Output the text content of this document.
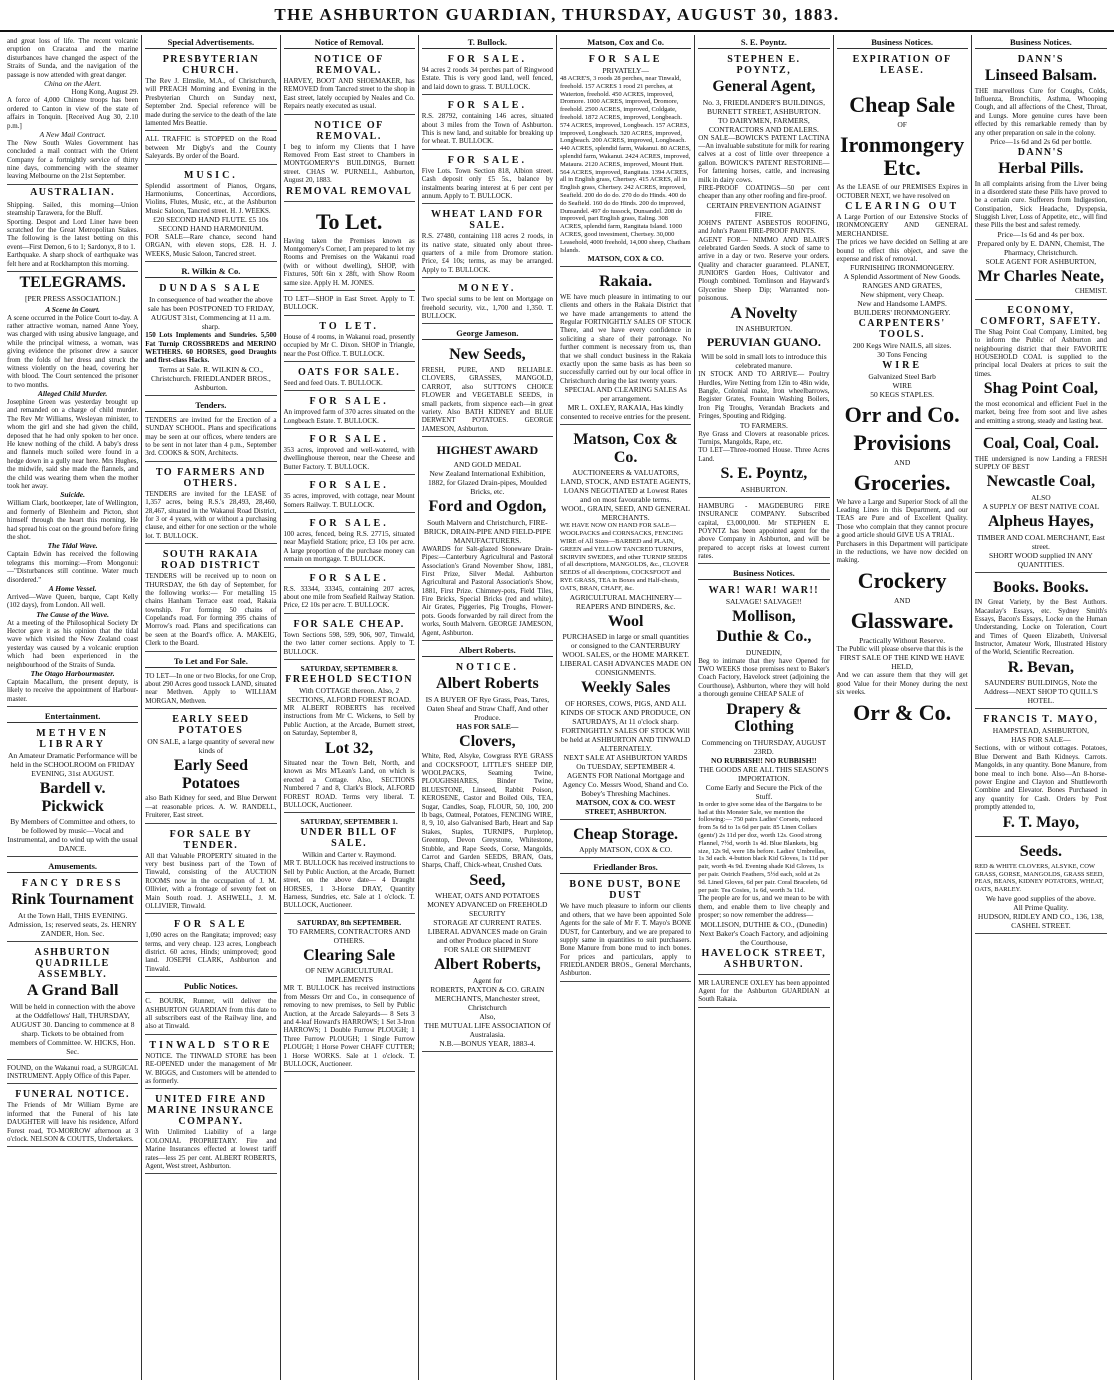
THE ASHBURTON GUARDIAN, THURSDAY, AUGUST 30, 1883.
and great loss of life. The recent volcanic eruption on Cracatoa and the marine disturbances have changed the aspect of the Straits of Sunda, and the navigation of the passage is now attended with great danger.
China on the Alert.
Hong Kong, August 29.
A force of 4,000 Chinese troops has been ordered to Canton in view of the state of affairs in Tonquin. [Received Aug 30, 2.10 p.m.]
A New Mail Contract.
The New South Wales Government has concluded a mail contract with the Orient Company for a fortnightly service of thirty nine days, commencing with the steamer leaving Melbourne on the 21st September.
AUSTRALIAN.
Shipping. Sailed, this morning—Union steamship Tarawera, for the Bluff.
Sporting. Despot and Lord Liner have been scratched for the Great Metropolitan Stakes. The following is the latest betting on this event—First Demon, 6 to 1; Sardonyx, 8 to 1.
Earthquake. A sharp shock of earthquake was felt here and at Rockhampton this morning.
TELEGRAMS.
[PER PRESS ASSOCIATION.]
A Scene in Court.
A scene occurred in the Police Court to-day. A rather attractive woman, named Anne Yoey, was charged with using abusive language, and while the principal witness, a woman, was giving evidence the prisoner drew a saucer from the folds of her dress and struck the witness violently on the head, covering her with blood. The Court sentenced the prisoner to two months.
Alleged Child Murder.
Josephine Green was yesterday brought up and remanded on a charge of child murder. The Rev Mr Williams, Wesleyan minister, to whom the girl and she had given the child, deposed that he had only spoken to her once. He knew nothing of the child. A baby's dress and flannels much soiled were found in a hedge down in a gully near here. Mrs Hughes, the midwife, said she made the flannels, and the child was wearing them when the mother took her away.
Suicide.
William Clark, bootkeeper, late of Wellington, and formerly of Blenheim and Picton, shot himself through the heart this morning. He had spread his coat on the ground before firing the shot.
The Tidal Wave.
Captain Edwin has received the following telegrams this morning:—From Mongonui:—"Disturbances still continue. Water much disordered."
A Home Vessel.
Arrived—Wave Queen, barque, Capt Kelly (102 days), from London. All well.
The Cause of the Wave.
At a meeting of the Philosophical Society Dr Hector gave it as his opinion that the tidal wave which visited the New Zealand coast yesterday was caused by a volcanic eruption which had been experienced in the neighbourhood of the Straits of Sunda.
The Otago Harbourmaster.
Captain Macallum, the present deputy, is likely to receive the appointment of Harbour-master.
Entertainment.
METHVEN LIBRARY
An Amateur Dramatic Performance will be held in the SCHOOLROOM on FRIDAY EVENING, 31st AUGUST.
Bardell v. Pickwick
By Members of Committee and others, to be followed by music—Vocal and Instrumental, and to wind up with the usual DANCE.
Amusements.
FANCY DRESS
Rink Tournament
At the Town Hall, THIS EVENING. Admission, 1s; reserved seats, 2s. HENRY ZANDER, Hon. Sec.
ASHBURTON QUADRILLE ASSEMBLY.
A Grand Ball
Will be held in connection with the above at the Oddfellows' Hall, THURSDAY, AUGUST 30. Dancing to commence at 8 sharp. Tickets to be obtained from members of Committee. W. HICKS, Hon. Sec.
FOUND, on the Wakanui road, a SURGICAL INSTRUMENT. Apply Office of this Paper.
FUNERAL NOTICE.
The Friends of Mr William Byrne are informed that the Funeral of his late DAUGHTER will leave his residence, Alford Forest road, TO-MORROW afternoon at 3 o'clock. NELSON & COUTTS, Undertakers.
Special Advertisements.
PRESBYTERIAN CHURCH.
The Rev J. Elmslie, M.A., of Christchurch, will PREACH Morning and Evening in the Presbyterian Church on Sunday next, September 2nd. Special reference will be made during the service to the death of the late lamented Mrs Beattie.
ALL TRAFFIC is STOPPED on the Road between Mr Digby's and the County Saleyards. By order of the Board.
MUSIC.
Splendid assortment of Pianos, Organs, Harmoniums, Concertinas, Accordions, Violins, Flutes, Music, etc., at the Ashburton Music Saloon, Tancred street. H. J. WEEKS.
£20 SECOND HAND FLUTE. £5 10s SECOND HAND HARMONIUM.
FOR SALE—Rare chance, second hand ORGAN, with eleven stops, £28. H. J. WEEKS, Music Saloon, Tancred street.
R. Wilkin & Co.
DUNDAS SALE
In consequence of bad weather the above sale has been POSTPONED TO FRIDAY, AUGUST 31st, Commencing at 11 a.m. sharp.
150 Lots Implements and Sundries. 5,500 Fat Turnip CROSSBREDS and MERINO WETHERS. 60 HORSES, good Draughts and first-class Hacks.
Terms at Sale. R. WILKIN & CO., Christchurch. FRIEDLANDER BROS., Ashburton.
Tenders.
TENDERS are invited for the Erection of a SUNDAY SCHOOL. Plans and specifications may be seen at our offices, where tenders are to be sent in not later than 4 p.m., September 3rd. COOKS & SON, Architects.
TO FARMERS AND OTHERS.
TENDERS are invited for the LEASE of 1,357 acres, being R.S.'s 28,493, 28,460, 28,467, situated in the Wakanui Road District, for 3 or 4 years, with or without a purchasing clause, and either for one section or the whole lot. T. BULLOCK.
SOUTH RAKAIA ROAD DISTRICT
TENDERS will be received up to noon on THURSDAY, the 6th day of September, for the following works:— For metalling 15 chains Hanham Terrace east road, Rakaia township. For forming 50 chains of Copeland's road. For forming 395 chains of Morrow's road. Plans and specifications can be seen at the Board's office. A. MAKEIG, Clerk to the Board.
To Let and For Sale.
TO LET—In one or two Blocks, for one Crop, about 290 Acres good tussock LAND, situated near Methven. Apply to WILLIAM MORGAN, Methven.
EARLY SEED POTATOES
ON SALE, a large quantity of several new kinds of
Early Seed Potatoes
also Bath Kidney for seed, and Blue Derwent—at reasonable prices. A. W. RANDELL, Fruiterer, East street.
FOR SALE BY TENDER.
All that Valuable PROPERTY situated in the very best business part of the Town of Tinwald, consisting of the AUCTION ROOMS now in the occupation of J. M. Ollivier, with a frontage of seventy feet on Main South road. J. ASHWELL, J. M. OLLIVIER, Tinwald.
FOR SALE
1,090 acres on the Rangitata; improved; easy terms, and very cheap. 123 acres, Longbeach district. 60 acres, Hinds; unimproved; good land. JOSEPH CLARK, Ashburton and Tinwald.
Public Notices.
C. BOURK, Runner, will deliver the ASHBURTON GUARDIAN from this date to all subscribers east of the Railway line, and also at Tinwald.
TINWALD STORE
NOTICE. The TINWALD STORE has been RE-OPENED under the management of Mr W. BIGGS, and Customers will be attended to as formerly.
UNITED FIRE AND MARINE INSURANCE COMPANY.
With Unlimited Liability of a large COLONIAL PROPRIETARY. Fire and Marine Insurances effected at lowest tariff rates—less 25 per cent. ALBERT ROBERTS, Agent, West street, Ashburton.
Notice of Removal.
NOTICE OF REMOVAL.
HARVEY, BOOT AND SHOEMAKER, has REMOVED from Tancred street to the shop in East street, lately occupied by Neales and Co. Repairs neatly executed as usual.
NOTICE OF REMOVAL.
I beg to inform my Clients that I have Removed From East street to Chambers in MONTGOMERY'S BUILDINGS, Burnett street. CHAS W. PURNELL, Ashburton, August 20, 1883.
REMOVAL REMOVAL
To Let.
Having taken the Premises known as Montgomery's Corner, I am prepared to let my Rooms and Premises on the Wakanui road (with or without dwelling), SHOP, with Fixtures, 50ft 6in x 28ft, with Show Room same size. Apply H. M. JONES.
TO LET—SHOP in East Street. Apply to T. BULLOCK.
TO LET.
House of 4 rooms, in Wakanui road, presently occupied by Mr C. Dixon. SHOP in Triangle, near the Post Office. T. BULLOCK.
OATS FOR SALE.
Seed and feed Oats. T. BULLOCK.
FOR SALE.
An improved farm of 370 acres situated on the Longbeach Estate. T. BULLOCK.
FOR SALE.
353 acres, improved and well-watered, with dwellinghouse thereon, near the Cheese and Butter Factory. T. BULLOCK.
FOR SALE.
35 acres, improved, with cottage, near Mount Somers Railway. T. BULLOCK.
FOR SALE.
100 acres, fenced, being R.S. 27715, situated near Mayfield Station; price, £3 10s per acre. A large proportion of the purchase money can remain on mortgage. T. BULLOCK.
FOR SALE.
R.S. 33344, 33345, containing 207 acres, about one mile from Seafield Railway Station. Price, £2 10s per acre. T. BULLOCK.
FOR SALE CHEAP.
Town Sections 598, 599, 906, 907, Tinwald, the two latter corner sections. Apply to T. BULLOCK.
SATURDAY, SEPTEMBER 8.
FREEHOLD SECTION
With COTTAGE thereon. Also, 2 SECTIONS, ALFORD FOREST ROAD.
MR ALBERT ROBERTS has received instructions from Mr C. Wickens, to Sell by Public Auction, at the Arcade, Burnett street, on Saturday, September 8,
Lot 32,
Situated near the Town Belt, North, and known as Mrs M'Lean's Land, on which is erected a Cottage. Also, SECTIONS Numbered 7 and 8, Clark's Block, ALFORD FOREST ROAD. Terms very liberal. T. BULLOCK, Auctioneer.
SATURDAY, SEPTEMBER 1.
UNDER BILL OF SALE.
Wilkin and Carter v. Raymond.
MR T. BULLOCK has received instructions to Sell by Public Auction, at the Arcade, Burnett street, on the above date— 4 Draught HORSES, 1 3-Horse DRAY, Quantity Harness, Sundries, etc. Sale at 1 o'clock. T. BULLOCK, Auctioneer.
SATURDAY, 8th SEPTEMBER.
TO FARMERS, CONTRACTORS AND OTHERS.
Clearing Sale
OF NEW AGRICULTURAL IMPLEMENTS
MR T. BULLOCK has received instructions from Messrs Orr and Co., in consequence of removing to new premises, to Sell by Public Auction, at the Arcade Saleyards— 8 Sets 3 and 4-leaf Howard's HARROWS; 1 Set 3-Iron HARROWS; 1 Double Furrow PLOUGH; 1 Three Furrow PLOUGH; 1 Single Furrow PLOUGH; 1 Horse Power CHAFF CUTTER; 1 Horse WORKS. Sale at 1 o'clock. T. BULLOCK, Auctioneer.
T. Bullock.
FOR SALE.
94 acres 2 roods 34 perches part of Ringwood Estate. This is very good land, well fenced, and laid down to grass. T. BULLOCK.
FOR SALE.
R.S. 28792, containing 146 acres, situated about 3 miles from the Town of Ashburton. This is new land, and suitable for breaking up for wheat. T. BULLOCK.
FOR SALE.
Five Lots. Town Section 818, Albion street. Cash deposit only £5 5s., balance by instalments bearing interest at 6 per cent per annum. Apply to T. BULLOCK.
WHEAT LAND FOR SALE.
R.S. 27480, containing 118 acres 2 roods, in its native state, situated only about three-quarters of a mile from Dromore station. Price, £4 10s; terms, as may be arranged. Apply to T. BULLOCK.
MONEY.
Two special sums to be lent on Mortgage on freehold security, viz., 1,700 and 1,350. T. BULLOCK.
George Jameson.
New Seeds,
FRESH, PURE, AND RELIABLE. CLOVERS, GRASSES, MANGOLD, CARROT, also SUTTON'S CHOICE FLOWER and VEGETABLE SEEDS, in small packets, from sixpence each—in great variety. Also BATH KIDNEY and BLUE DERWENT POTATOES. GEORGE JAMESON, Ashburton.
HIGHEST AWARD
AND GOLD MEDAL
New Zealand International Exhibition, 1882, for Glazed Drain-pipes, Moulded Bricks, etc.
Ford and Ogdon,
South Malvern and Christchurch, FIRE-BRICK, DRAIN-PIPE AND FIELD-PIPE MANUFACTURERS.
AWARDS for Salt-glazed Stoneware Drain-Pipes:—Canterbury Agricultural and Pastoral Association's Grand November Show, 1881, First Prize, Silver Medal. Ashburton Agricultural and Pastoral Association's Show, 1881, First Prize. Chimney-pots, Field Tiles, Fire Bricks, Special Bricks (red and white), Air Grates, Piggeries, Pig Troughs, Flower-pots. Goods forwarded by rail direct from the works, South Malvern. GEORGE JAMESON, Agent, Ashburton.
Albert Roberts.
NOTICE.
Albert Roberts
IS A BUYER OF Rye Grass, Peas, Tares, Oaten Sheaf and Straw Chaff, And other Produce.
HAS FOR SALE—
Clovers,
White, Red, Alsyke, Cowgrass RYE GRASS and COCKSFOOT, LITTLE'S SHEEP DIP, WOOLPACKS, Seaming Twine, PLOUGHSHARES, Binder Twine, BLUESTONE, Linseed, Rabbit Poison, KEROSENE, Castor and Boiled Oils, TEA, Sugar, Candles, Soap, FLOUR, 50, 100, 200 lb bags, Oatmeal, Potatoes, FENCING WIRE, 8, 9, 10, also Galvanised Barb, Heart and Sap Stakes, Staples, TURNIPS, Purpletop, Greentop, Devon Greystone, Whitestone, Stubble, and Rape Seeds, Corse, Mangolds, Carrot and Garden SEEDS, BRAN, Oats, Sharps, Chaff, Chick-wheat, Crushed Oats.
Seed,
WHEAT, OATS AND POTATOES
MONEY ADVANCED on FREEHOLD SECURITY
STORAGE AT CURRENT RATES.
LIBERAL ADVANCES made on Grain and other Produce placed in Store
FOR SALE OR SHIPMENT
Albert Roberts,
Agent for
ROBERTS, PAXTON & CO. GRAIN MERCHANTS, Manchester street, Christchurch
Also,
THE MUTUAL LIFE ASSOCIATION Of Australasia.
N.B.—BONUS YEAR, 1883-4.
Matson, Cox and Co.
FOR SALE
PRIVATELY—
48 ACRE'S, 3 roods 28 perches, near Tinwald, freehold. 157 ACRES 1 rood 21 perches, at Waterton, freehold. 450 ACRES, improved, Dromore. 1000 ACRES, improved, Dromore, freehold. 2500 ACRES, improved, Coldgate, freehold. 1872 ACRES, improved, Longbeach. 574 ACRES, improved, Longbeach. 157 ACRES, improved, Longbeach. 320 ACRES, improved, Longbeach. 200 ACRES, improved, Longbeach. 440 ACRES, splendid farm, Wakanui. 80 ACRES, splendid farm, Wakanui. 2424 ACRES, improved, Mataura. 2120 ACRES, improved, Mount Hutt. 564 ACRES, improved, Rangitata. 1394 ACRES, all in English grass, Chertsey. 415 ACRES, all in English grass, Chertsey. 242 ACRES, improved, Seafield. 200 do do do. 270 do do Hinds. 400 do do Seafield. 160 do do Hinds. 200 do improved, Dunsandel. 497 do tussock, Dunsandel. 208 do improved, part English grass, Ealing. 308 ACRES, splendid farm, Rangitata Island. 1000 ACRES, good investment, Chertsey. 30,000 Leasehold, 4000 freehold, 14,000 sheep, Chatham Islands.
MATSON, COX & CO.
Rakaia.
WE have much pleasure in intimating to our clients and others in the Rakaia District that we have made arrangements to attend the Regular FORTNIGHTLY SALES OF STOCK There, and we have every confidence in soliciting a share of their patronage. No further comment is necessary from us, than that we shall conduct business in the Rakaia exactly upon the same basis as has been so successfully carried out by our local office in Christchurch during the last twenty years.
SPECIAL AND CLEARING SALES As per arrangement.
MR L. OXLEY, RAKAIA, Has kindly consented to receive entries for the present.
Matson, Cox & Co.
AUCTIONEERS & VALUATORS, LAND, STOCK, AND ESTATE AGENTS, LOANS NEGOTIATED at Lowest Rates and on most favourable terms.
WOOL, GRAIN, SEED, AND GENERAL MERCHANTS.
WE HAVE NOW ON HAND FOR SALE— WOOLPACKS and CORNSACKS, FENCING WIRE of All Sizes—BARBED and PLAIN, GREEN and YELLOW TANCRED TURNIPS, SKIRVIN SWEDES, and other TURNIP SEEDS of all descriptions, MANGOLDS, &c., CLOVER SEEDS of all descriptions, COCKSFOOT and RYE GRASS, TEA in Boxes and Half-chests, OATS, BRAN, CHAFF, &c.
AGRICULTURAL MACHINERY—REAPERS AND BINDERS, &c.
Wool
PURCHASED in large or small quantities or consigned to the CANTERBURY WOOL SALES, or the HOME MARKET.
LIBERAL CASH ADVANCES MADE ON CONSIGNMENTS.
Weekly Sales
OF HORSES, COWS, PIGS, AND ALL KINDS OF STOCK AND PRODUCE, ON SATURDAYS, At 11 o'clock sharp.
FORTNIGHTLY SALES OF STOCK Will be held at ASHBURTON AND TINWALD ALTERNATELY.
NEXT SALE AT ASHBURTON YARDS On TUESDAY, SEPTEMBER 4.
AGENTS FOR National Mortgage and Agency Co. Messrs Wood, Shand and Co. Bobey's Threshing Machines.
MATSON, COX & CO. WEST STREET, ASHBURTON.
Cheap Storage.
Apply MATSON, COX & CO.
Friedlander Bros.
BONE DUST, BONE DUST
We have much pleasure to inform our clients and others, that we have been appointed Sole Agents for the sale of Mr F. T. Mayo's BONE DUST, for Canterbury, and we are prepared to supply same in quantities to suit purchasers. Bone Manure from bone mud to inch bones. For prices and particulars, apply to FRIEDLANDER BROS., General Merchants, Ashburton.
S. E. Poyntz.
STEPHEN E. POYNTZ,
General Agent,
No. 3, FRIEDLANDER'S BUILDINGS, BURNETT STREET, ASHBURTON.
TO DAIRYMEN, FARMERS, CONTRACTORS AND DEALERS.
ON SALE—BOWICK'S PATENT LACTINA—An invaluable substitute for milk for rearing calves at a cost of little over threepence a gallon. BOWICK'S PATENT RESTORINE—For fattening horses, cattle, and increasing milk in dairy cows.
FIRE-PROOF COATINGS—50 per cent cheaper than any other roofing and fire-proof.
CERTAIN PREVENTION AGAINST FIRE.
JOHN'S PATENT ASBESTOS ROOFING, and John's Patent FIRE-PROOF PAINTS.
AGENT FOR— NIMMO AND BLAIR'S celebrated Garden Seeds. A stock of same to arrive in a day or two. Reserve your orders. Quality and character guaranteed. PLANET, JUNIOR'S Garden Hoes, Cultivator and Plough combined. Tomlinson and Hayward's Glycerine Sheep Dip; Warranted non-poisonous.
A Novelty
IN ASHBURTON.
PERUVIAN GUANO.
Will be sold in small lots to introduce this celebrated manure.
IN STOCK AND TO ARRIVE— Poultry Hurdles, Wire Netting from 12in to 48in wide, Bangle, Colonial make, Iron wheelbarrows, Register Grates, Fountain Washing Boilers, Iron Pig Troughs, Verandah Brackets and Fringes, Spouting and Ridging.
TO FARMERS.
Rye Grass and Clovers at reasonable prices. Turnips, Mangolds, Rape, etc.
TO LET—Three-roomed House. Three Acres Land.
S. E. Poyntz,
ASHBURTON.
HAMBURG - MAGDEBURG FIRE INSURANCE COMPANY. Subscribed capital, £3,000,000. Mr STEPHEN E. POYNTZ has been appointed agent for the above Company in Ashburton, and will be prepared to accept risks at lowest current rates.
Business Notices.
WAR! WAR! WAR!!
SALVAGE! SALVAGE!!
Mollison,
Duthie & Co.,
DUNEDIN,
Beg to intimate that they have Opened for TWO WEEKS those premises next to Baker's Coach Factory, Havelock street (adjoining the Courthouse), Ashburton, where they will hold a thorough genuine CHEAP SALE of
Drapery & Clothing
Commencing on THURSDAY, AUGUST 23RD.
NO RUBBISH!! NO RUBBISH!!
THE GOODS ARE ALL THIS SEASON'S IMPORTATION.
Come Early and Secure the Pick of the Stuff.
In order to give some idea of the Bargains to be had at this Monster Sale, we mention the following:— 750 pairs Ladies' Corsets, reduced from 5s 6d to 1s 6d per pair. 85 Linen Collars (gents') 2s 11d per doz, worth 12s. Good strong Flannel, 7½d, worth 1s 4d. Blue Blankets, big size, 12s 9d, were 18s before. Ladies' Umbrellas, 1s 3d each. 4-button black Kid Gloves, 1s 11d per pair, worth 4s 9d. Evening shade Kid Gloves, 1s per pair. Ostrich Feathers, 5½d each, sold at 2s 9d. Lined Gloves, 6d per pair. Coral Bracelets, 6d per pair. Tea Cosies, 1s 6d, worth 3s 11d.
The people are for us, and we mean to be with them, and enable them to live cheaply and prosper; so now remember the address—
MOLLISON, DUTHIE & CO., (Dunedin) Next Baker's Coach Factory, and adjoining the Courthouse,
HAVELOCK STREET, ASHBURTON.
MR LAURENCE OXLEY has been appointed Agent for the Ashburton GUARDIAN at South Rakaia.
Business Notices.
EXPIRATION OF LEASE.
Cheap Sale
OF
Ironmongery Etc.
As the LEASE of our PREMISES Expires in OCTOBER NEXT, we have resolved on
CLEARING OUT
A Large Portion of our Extensive Stocks of IRONMONGERY AND GENERAL MERCHANDISE.
The prices we have decided on Selling at are bound to effect this object, and save the expense and risk of removal.
FURNISHING IRONMONGERY.
A Splendid Assortment of New Goods.
RANGES AND GRATES,
New shipment, very Cheap.
New and Handsome LAMPS.
BUILDERS' IRONMONGERY.
CARPENTERS' TOOLS.
200 Kegs Wire NAILS, all sizes.
30 Tons Fencing
WIRE
Galvanized Steel Barb
WIRE
50 KEGS STAPLES.
Orr and Co.
Provisions
AND
Groceries.
We have a Large and Superior Stock of all the Leading Lines in this Department, and our TEAS are Pure and of Excellent Quality. Those who complain that they cannot procure a good article should GIVE US A TRIAL.
Purchasers in this Department will participate in the reductions, we have now decided on making.
Crockery
AND
Glassware.
Practically Without Reserve.
The Public will please observe that this is the
FIRST SALE OF THE KIND WE HAVE HELD,
And we can assure them that they will get good Value for their Money during the next six weeks.
Orr & Co.
Business Notices.
DANN'S
Linseed Balsam.
THE marvellous Cure for Coughs, Colds, Influenza, Bronchitis, Asthma, Whooping Cough, and all affections of the Chest, Throat, and Lungs. More genuine cures have been effected by this remarkable remedy than by any other preparation on sale in the colony.
Price—1s 6d and 2s 6d per bottle.
DANN'S
Herbal Pills.
In all complaints arising from the Liver being in a disordered state these Pills have proved to be a certain cure. Sufferers from Indigestion, Constipation, Sick Headache, Dyspepsia, Sluggish Liver, Loss of Appetite, etc., will find these Pills the best and safest remedy.
Price—1s 6d and 4s per box.
Prepared only by E. DANN, Chemist, The Pharmacy, Christchurch.
SOLE AGENT FOR ASHBURTON,
Mr Charles Neate,
CHEMIST.
ECONOMY, COMFORT, SAFETY.
The Shag Point Coal Company, Limited, beg to inform the Public of Ashburton and neighbouring district that their FAVORITE HOUSEHOLD COAL is supplied to the principal local Dealers at prices to suit the times.
Shag Point Coal,
the most economical and efficient Fuel in the market, being free from soot and live ashes and emitting a strong, steady and lasting heat.
Coal, Coal, Coal.
THE undersigned is now Landing a FRESH SUPPLY OF BEST
Newcastle Coal,
ALSO
A SUPPLY OF BEST NATIVE COAL
Alpheus Hayes,
TIMBER AND COAL MERCHANT, East street.
SHORT WOOD supplied IN ANY QUANTITIES.
Books. Books.
IN Great Variety, by the Best Authors. Macaulay's Essays, etc. Sydney Smith's Essays, Bacon's Essays, Locke on the Human Understanding, Locke on Toleration, Court and Times of Queen Elizabeth, Universal Instructor, Amateur Work, Illustrated History of the World, Scientific Recreation.
R. Bevan,
SAUNDERS' BUILDINGS, Note the Address—NEXT SHOP TO QUILL'S HOTEL.
FRANCIS T. MAYO,
HAMPSTEAD, ASHBURTON,
HAS FOR SALE—
Sections, with or without cottages. Potatoes, Blue Derwent and Bath Kidneys. Carrots. Mangolds, in any quantity. Bone Manure, from bone meal to inch bone. Also—An 8-horse-power Engine and Clayton and Shuttleworth Combine and Elevator. Bones Purchased in any quantity for Cash. Orders by Post promptly attended to,
F. T. Mayo,
Seeds.
RED & WHITE CLOVERS, ALSYKE, COW GRASS, GORSE, MANGOLDS, GRASS SEED, PEAS, BEANS, KIDNEY POTATOES, WHEAT, OATS, BARLEY.
We have good supplies of the above.
All Prime Quality.
HUDSON, RIDLEY AND CO., 136, 138, CASHEL STREET.
